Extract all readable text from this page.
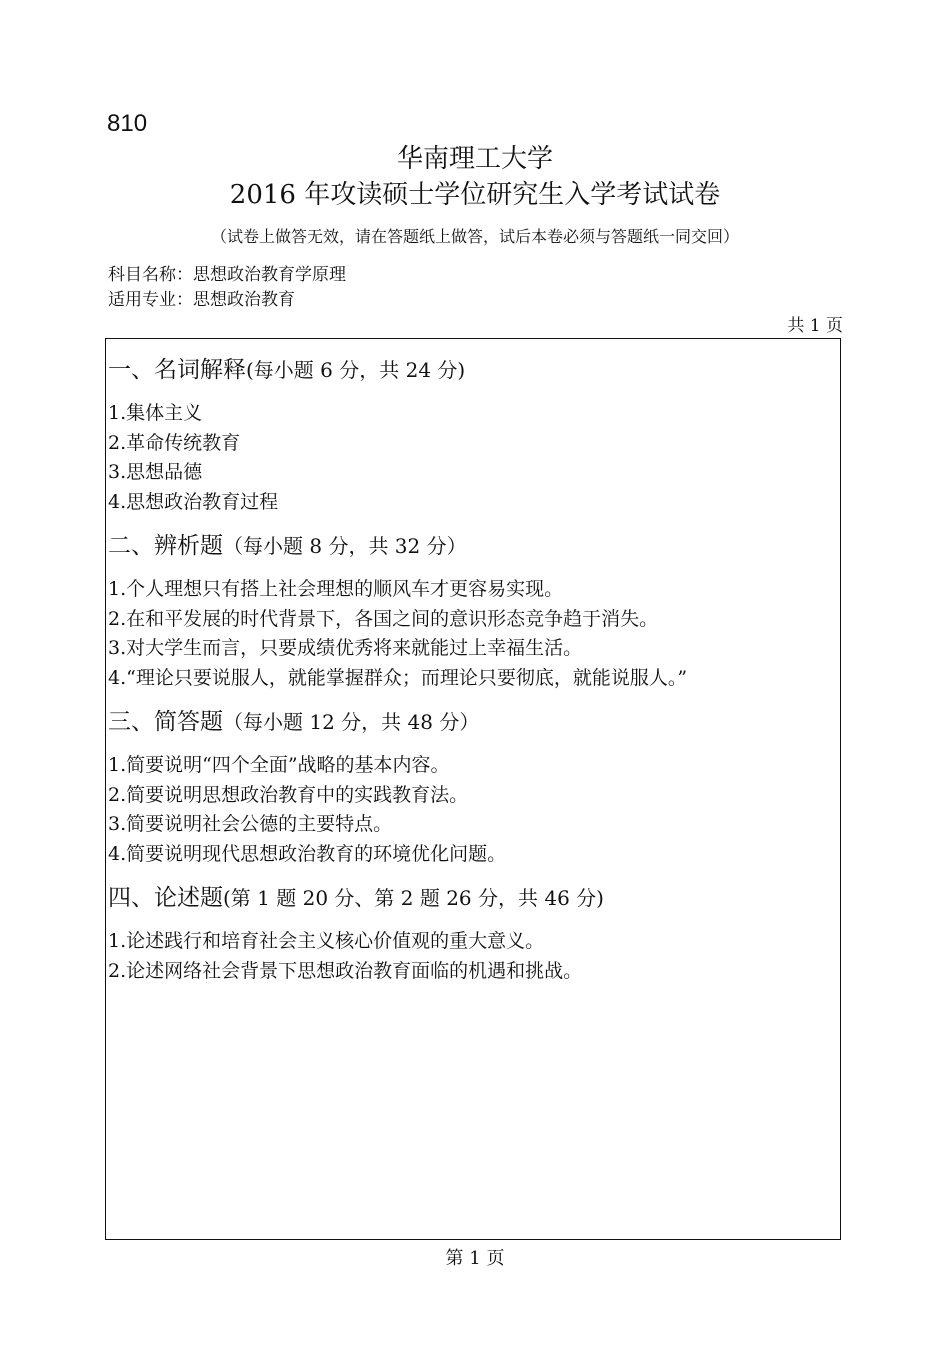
810
华南理工大学
2016 年攻读硕士学位研究生入学考试试卷
（试卷上做答无效，请在答题纸上做答，试后本卷必须与答题纸一同交回）
科目名称：思想政治教育学原理
适用专业：思想政治教育
共 1 页
一、名词解释(每小题 6 分，共 24 分)

1.集体主义

2.革命传统教育

3.思想品德

4.思想政治教育过程

二、辨析题（每小题 8 分，共 32 分）

1.个人理想只有搭上社会理想的顺风车才更容易实现。

2.在和平发展的时代背景下，各国之间的意识形态竞争趋于消失。

3.对大学生而言，只要成绩优秀将来就能过上幸福生活。

4.“理论只要说服人，就能掌握群众；而理论只要彻底，就能说服人。”

三、简答题（每小题 12 分，共 48 分）

1.简要说明“四个全面”战略的基本内容。

2.简要说明思想政治教育中的实践教育法。

3.简要说明社会公德的主要特点。

4.简要说明现代思想政治教育的环境优化问题。

四、论述题(第 1 题 20 分、第 2 题 26 分，共 46 分)

1.论述践行和培育社会主义核心价值观的重大意义。

2.论述网络社会背景下思想政治教育面临的机遇和挑战。

第 1 页
